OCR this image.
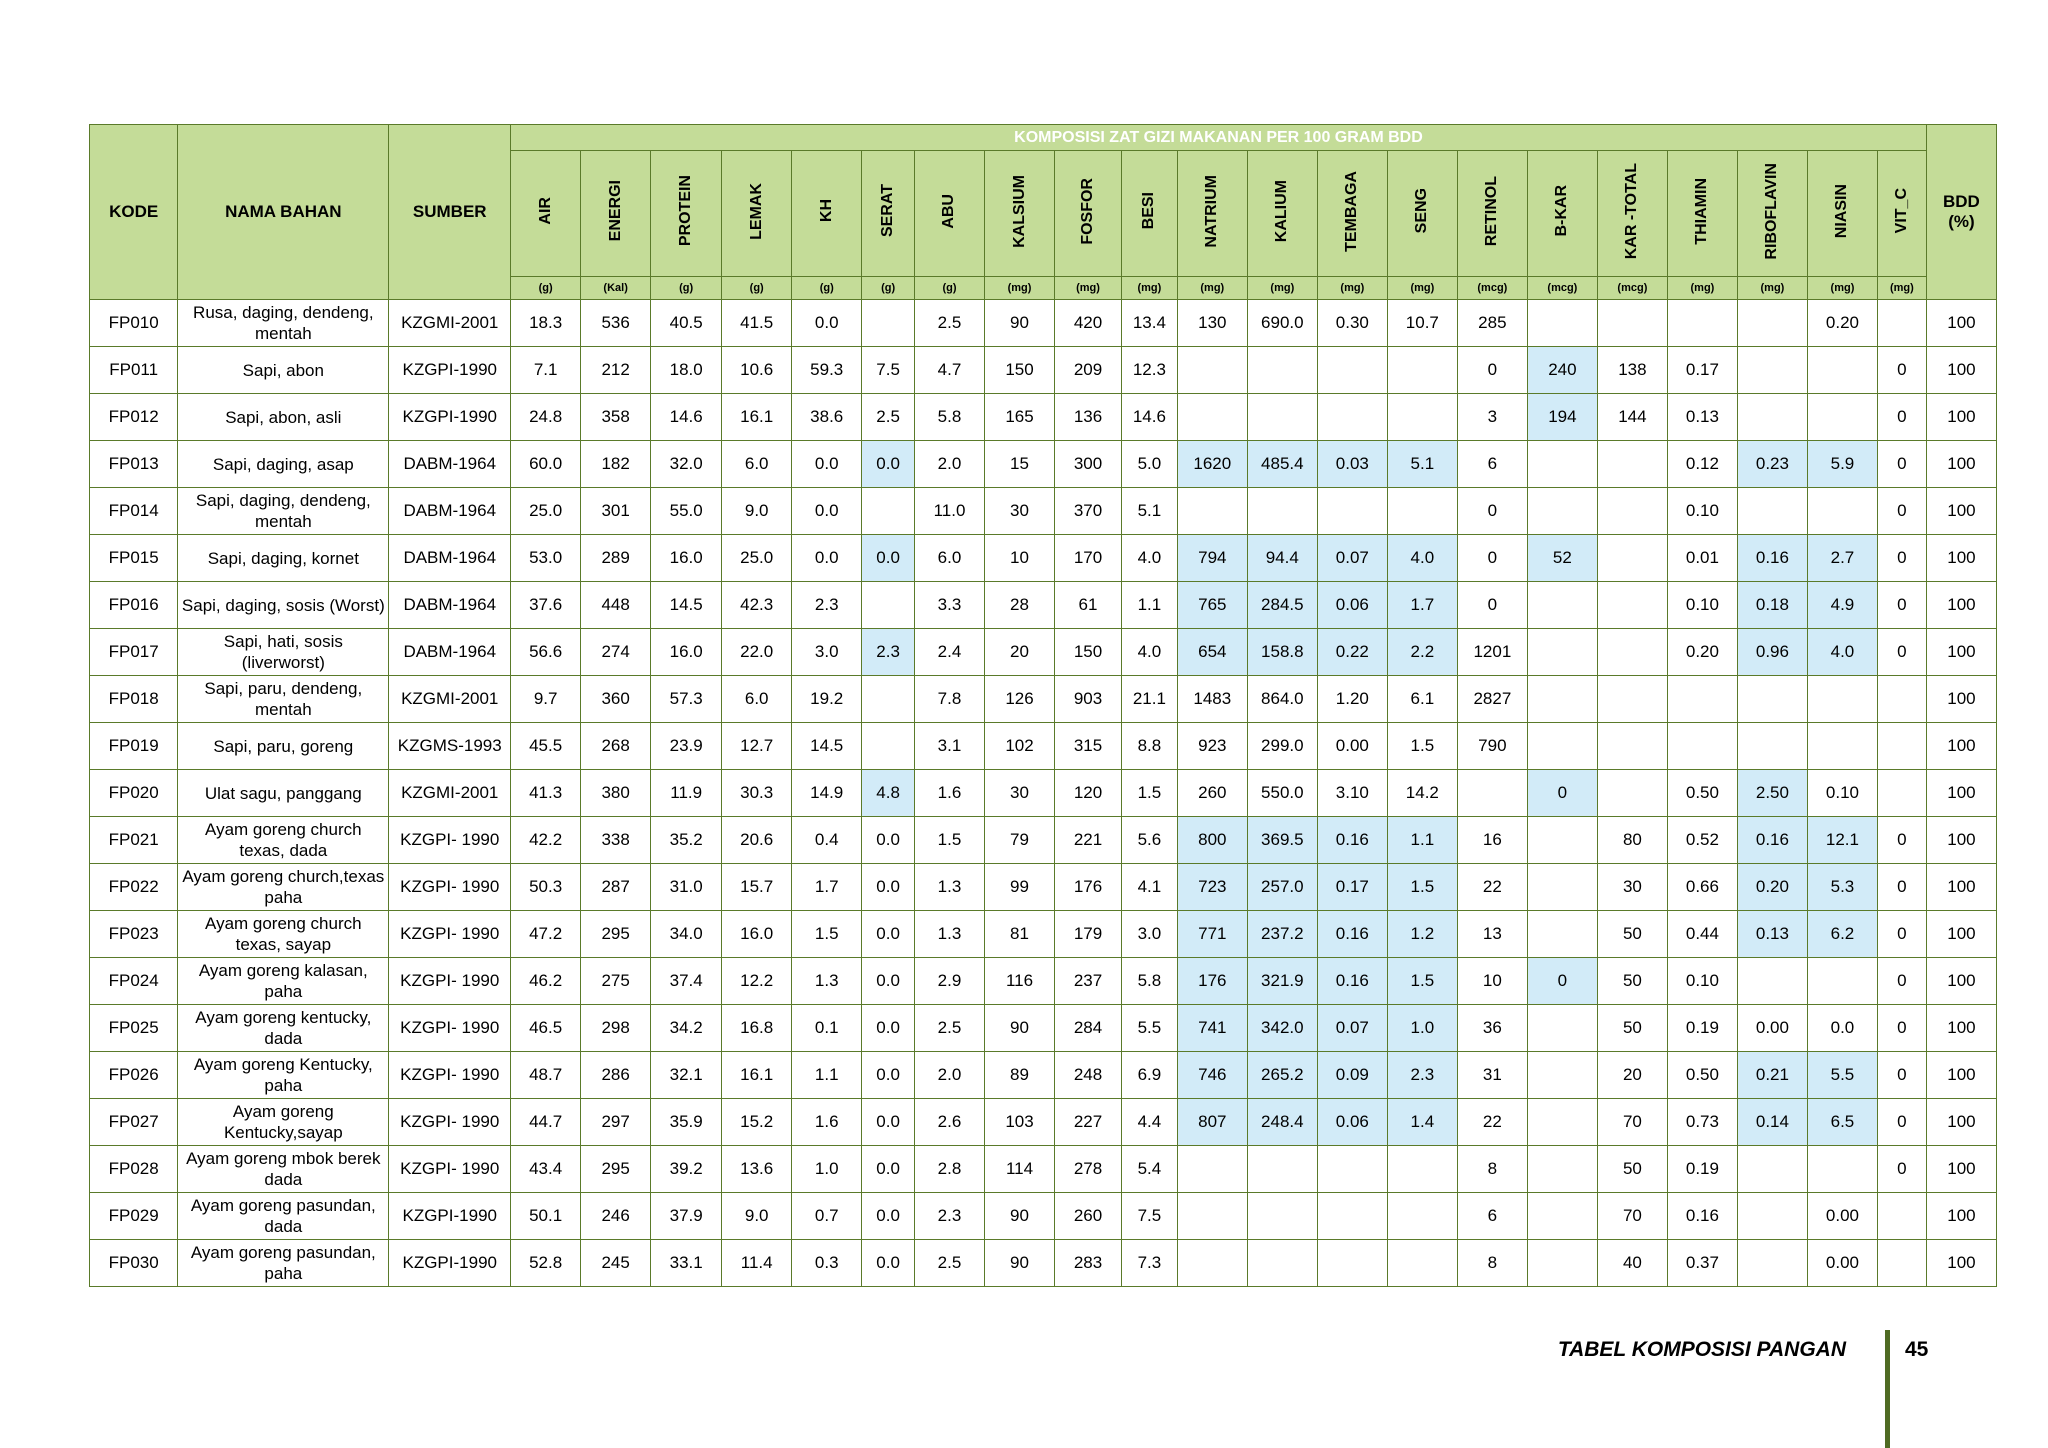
KODE	NAMA BAHAN	SUMBER	KOMPOSISI ZAT GIZI MAKANAN PER 100 GRAM BDD																					BDD
(%)
			AIR	ENERGI	PROTEIN	LEMAK	KH	SERAT	ABU	KALSIUM	FOSFOR	BESI	NATRIUM	KALIUM	TEMBAGA	SENG	RETINOL	B-KAR	KAR -TOTAL	THIAMIN	RIBOFLAVIN	NIASIN	VIT_C	
			(g)	(Kal)	(g)	(g)	(g)	(g)	(g)	(mg)	(mg)	(mg)	(mg)	(mg)	(mg)	(mg)	(mcg)	(mcg)	(mcg)	(mg)	(mg)	(mg)	(mg)	
FP010	Rusa, daging, dendeng, mentah	KZGMI-2001	18.3	536	40.5	41.5	0.0		2.5	90	420	13.4	130	690.0	0.30	10.7	285					0.20		100
FP011	Sapi, abon	KZGPI-1990	7.1	212	18.0	10.6	59.3	7.5	4.7	150	209	12.3					0	240	138	0.17			0	100
FP012	Sapi, abon, asli	KZGPI-1990	24.8	358	14.6	16.1	38.6	2.5	5.8	165	136	14.6					3	194	144	0.13			0	100
FP013	Sapi, daging, asap	DABM-1964	60.0	182	32.0	6.0	0.0	0.0	2.0	15	300	5.0	1620	485.4	0.03	5.1	6			0.12	0.23	5.9	0	100
FP014	Sapi, daging, dendeng, mentah	DABM-1964	25.0	301	55.0	9.0	0.0		11.0	30	370	5.1					0			0.10			0	100
FP015	Sapi, daging, kornet	DABM-1964	53.0	289	16.0	25.0	0.0	0.0	6.0	10	170	4.0	794	94.4	0.07	4.0	0	52		0.01	0.16	2.7	0	100
FP016	Sapi, daging, sosis (Worst)	DABM-1964	37.6	448	14.5	42.3	2.3		3.3	28	61	1.1	765	284.5	0.06	1.7	0			0.10	0.18	4.9	0	100
FP017	Sapi, hati, sosis (liverworst)	DABM-1964	56.6	274	16.0	22.0	3.0	2.3	2.4	20	150	4.0	654	158.8	0.22	2.2	1201			0.20	0.96	4.0	0	100
FP018	Sapi, paru, dendeng, mentah	KZGMI-2001	9.7	360	57.3	6.0	19.2		7.8	126	903	21.1	1483	864.0	1.20	6.1	2827							100
FP019	Sapi, paru, goreng	KZGMS-1993	45.5	268	23.9	12.7	14.5		3.1	102	315	8.8	923	299.0	0.00	1.5	790							100
FP020	Ulat sagu, panggang	KZGMI-2001	41.3	380	11.9	30.3	14.9	4.8	1.6	30	120	1.5	260	550.0	3.10	14.2		0		0.50	2.50	0.10		100
FP021	Ayam goreng church texas, dada	KZGPI- 1990	42.2	338	35.2	20.6	0.4	0.0	1.5	79	221	5.6	800	369.5	0.16	1.1	16		80	0.52	0.16	12.1	0	100
FP022	Ayam goreng church,texas paha	KZGPI- 1990	50.3	287	31.0	15.7	1.7	0.0	1.3	99	176	4.1	723	257.0	0.17	1.5	22		30	0.66	0.20	5.3	0	100
FP023	Ayam goreng church texas, sayap	KZGPI- 1990	47.2	295	34.0	16.0	1.5	0.0	1.3	81	179	3.0	771	237.2	0.16	1.2	13		50	0.44	0.13	6.2	0	100
FP024	Ayam goreng kalasan, paha	KZGPI- 1990	46.2	275	37.4	12.2	1.3	0.0	2.9	116	237	5.8	176	321.9	0.16	1.5	10	0	50	0.10			0	100
FP025	Ayam goreng kentucky, dada	KZGPI- 1990	46.5	298	34.2	16.8	0.1	0.0	2.5	90	284	5.5	741	342.0	0.07	1.0	36		50	0.19	0.00	0.0	0	100
FP026	Ayam goreng Kentucky, paha	KZGPI- 1990	48.7	286	32.1	16.1	1.1	0.0	2.0	89	248	6.9	746	265.2	0.09	2.3	31		20	0.50	0.21	5.5	0	100
FP027	Ayam goreng Kentucky,sayap	KZGPI- 1990	44.7	297	35.9	15.2	1.6	0.0	2.6	103	227	4.4	807	248.4	0.06	1.4	22		70	0.73	0.14	6.5	0	100
FP028	Ayam goreng mbok berek dada	KZGPI- 1990	43.4	295	39.2	13.6	1.0	0.0	2.8	114	278	5.4					8		50	0.19			0	100
FP029	Ayam goreng pasundan, dada	KZGPI-1990	50.1	246	37.9	9.0	0.7	0.0	2.3	90	260	7.5					6		70	0.16		0.00		100
FP030	Ayam goreng pasundan, paha	KZGPI-1990	52.8	245	33.1	11.4	0.3	0.0	2.5	90	283	7.3					8		40	0.37		0.00		100
TABEL KOMPOSISI PANGAN	45
